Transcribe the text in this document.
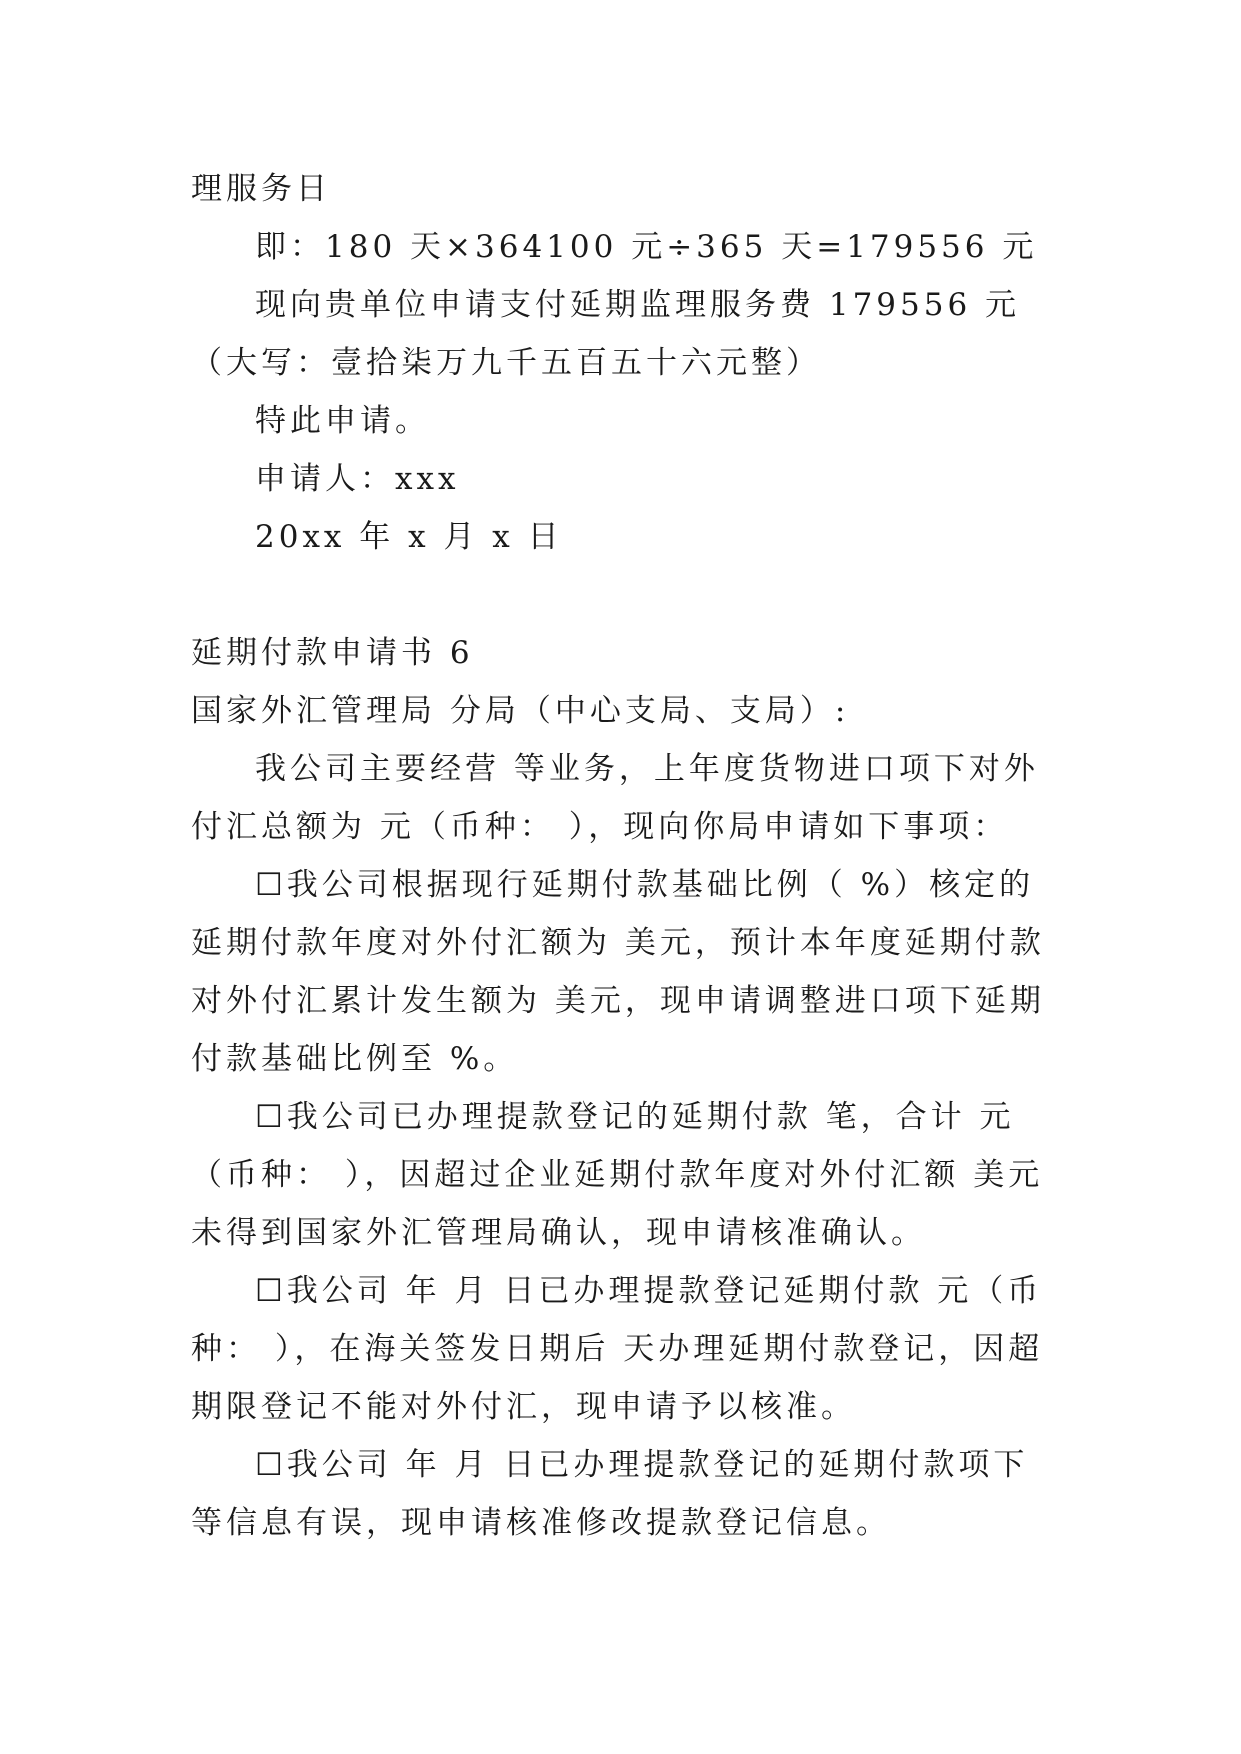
理服务日

即：180 天×364100 元÷365 天=179556 元

现向贵单位申请支付延期监理服务费 179556 元（大写：壹拾柒万九千五百五十六元整）

特此申请。

申请人：xxx

20xx 年 x 月 x 日

延期付款申请书 6

国家外汇管理局 分局（中心支局、支局）:

我公司主要经营 等业务，上年度货物进口项下对外付汇总额为 元（币种： ），现向你局申请如下事项：

☐我公司根据现行延期付款基础比例（ %）核定的延期付款年度对外付汇额为 美元，预计本年度延期付款对外付汇累计发生额为 美元，现申请调整进口项下延期付款基础比例至 %。

☐我公司已办理提款登记的延期付款 笔，合计 元（币种： ），因超过企业延期付款年度对外付汇额 美元未得到国家外汇管理局确认，现申请核准确认。

☐我公司 年 月 日已办理提款登记延期付款 元（币种： ），在海关签发日期后 天办理延期付款登记，因超期限登记不能对外付汇，现申请予以核准。

☐我公司 年 月 日已办理提款登记的延期付款项下等信息有误，现申请核准修改提款登记信息。
